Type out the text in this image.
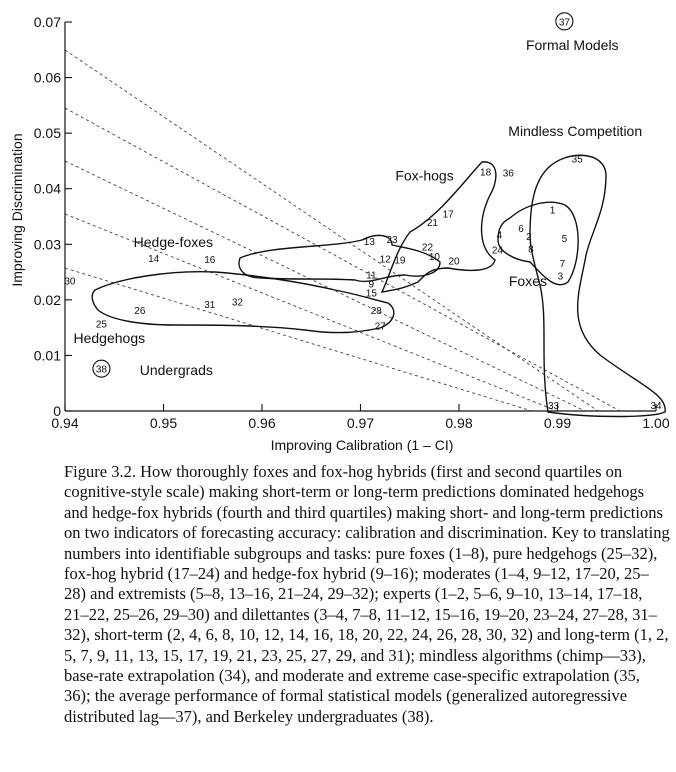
0.94	0.95	0.96	0.97	0.98	0.99	1.00
0
0.01
0.02
0.03
0.04
0.05
0.06
0.07
1
2
3
4	5
6
7
8
9
10
11
12
13
14
15
16
17
18
19	20
21
22
23
24
25
26
27
28
30
31 32
33	34
35
36
37
38
Formal Models
Mindless Competition
Fox-hogs
Hedge-foxes
Foxes
Hedgehogs
Undergrads
Improving Calibration (1 – CI)
Improving Discrimination

Figure 3.2. How thoroughly foxes and fox-hog hybrids (first and second quartiles on cognitive-style scale) making short-term or long-term predictions dominated hedgehogs and hedge-fox hybrids (fourth and third quartiles) making short- and long-term predictions on two indicators of forecasting accuracy: calibration and discrimination. Key to translating numbers into identifiable subgroups and tasks: pure foxes (1–8), pure hedgehogs (25–32), fox-hog hybrid (17–24) and hedge-fox hybrid (9–16); moderates (1–4, 9–12, 17–20, 25–28) and extremists (5–8, 13–16, 21–24, 29–32); experts (1–2, 5–6, 9–10, 13–14, 17–18, 21–22, 25–26, 29–30) and dilettantes (3–4, 7–8, 11–12, 15–16, 19–20, 23–24, 27–28, 31–32), short-term (2, 4, 6, 8, 10, 12, 14, 16, 18, 20, 22, 24, 26, 28, 30, 32) and long-term (1, 2, 5, 7, 9, 11, 13, 15, 17, 19, 21, 23, 25, 27, 29, and 31); mindless algorithms (chimp—33), base-rate extrapolation (34), and moderate and extreme case-specific extrapolation (35, 36); the average performance of formal statistical models (generalized autoregressive distributed lag—37), and Berkeley undergraduates (38).
